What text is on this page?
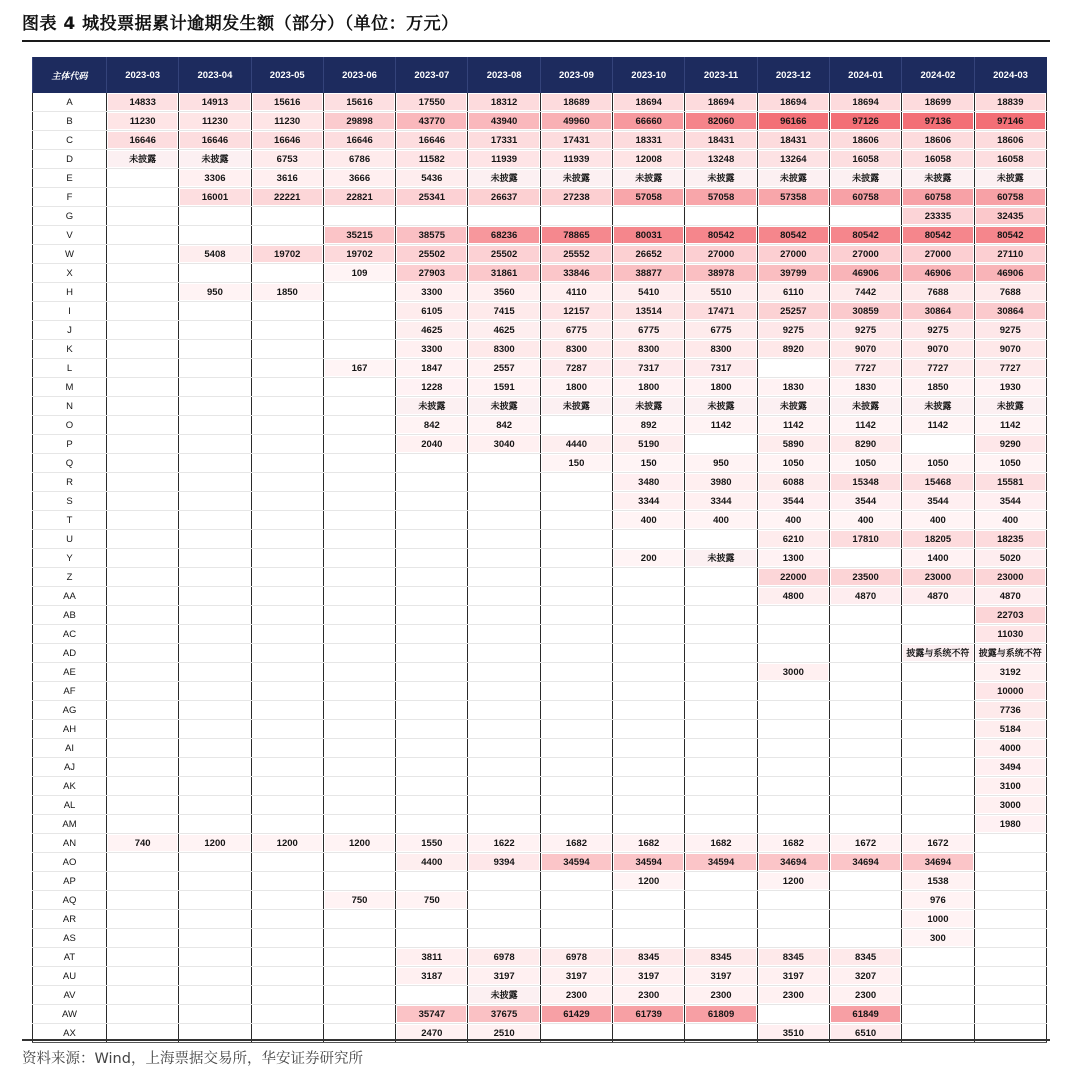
图表 4 城投票据累计逾期发生额（部分）（单位：万元）
主体代码	2023-03	2023-04	2023-05	2023-06	2023-07	2023-08	2023-09	2023-10	2023-11	2023-12	2024-01	2024-02	2024-03
A	14833	14913	15616	15616	17550	18312	18689	18694	18694	18694	18694	18699	18839
B	11230	11230	11230	29898	43770	43940	49960	66660	82060	96166	97126	97136	97146
C	16646	16646	16646	16646	16646	17331	17431	18331	18431	18431	18606	18606	18606
D	未披露	未披露	6753	6786	11582	11939	11939	12008	13248	13264	16058	16058	16058
E		3306	3616	3666	5436	未披露	未披露	未披露	未披露	未披露	未披露	未披露	未披露
F		16001	22221	22821	25341	26637	27238	57058	57058	57358	60758	60758	60758
G												23335	32435
V				35215	38575	68236	78865	80031	80542	80542	80542	80542	80542
W		5408	19702	19702	25502	25502	25552	26652	27000	27000	27000	27000	27110
X				109	27903	31861	33846	38877	38978	39799	46906	46906	46906
H		950	1850		3300	3560	4110	5410	5510	6110	7442	7688	7688
I					6105	7415	12157	13514	17471	25257	30859	30864	30864
J					4625	4625	6775	6775	6775	9275	9275	9275	9275
K					3300	8300	8300	8300	8300	8920	9070	9070	9070
L				167	1847	2557	7287	7317	7317		7727	7727	7727
M					1228	1591	1800	1800	1800	1830	1830	1850	1930
N					未披露	未披露	未披露	未披露	未披露	未披露	未披露	未披露	未披露
O					842	842		892	1142	1142	1142	1142	1142
P					2040	3040	4440	5190		5890	8290		9290
Q							150	150	950	1050	1050	1050	1050
R								3480	3980	6088	15348	15468	15581
S								3344	3344	3544	3544	3544	3544
T								400	400	400	400	400	400
U										6210	17810	18205	18235
Y								200	未披露	1300		1400	5020
Z										22000	23500	23000	23000
AA										4800	4870	4870	4870
AB													22703
AC													11030
AD												披露与系统不符	披露与系统不符
AE										3000			3192
AF													10000
AG													7736
AH													5184
AI													4000
AJ													3494
AK													3100
AL													3000
AM													1980
AN	740	1200	1200	1200	1550	1622	1682	1682	1682	1682	1672	1672	
AO					4400	9394	34594	34594	34594	34694	34694	34694	
AP								1200		1200		1538	
AQ				750	750							976	
AR												1000	
AS												300	
AT					3811	6978	6978	8345	8345	8345	8345		
AU					3187	3197	3197	3197	3197	3197	3207		
AV						未披露	2300	2300	2300	2300	2300		
AW					35747	37675	61429	61739	61809		61849		
AX					2470	2510				3510	6510		
资料来源：Wind，上海票据交易所，华安证券研究所
